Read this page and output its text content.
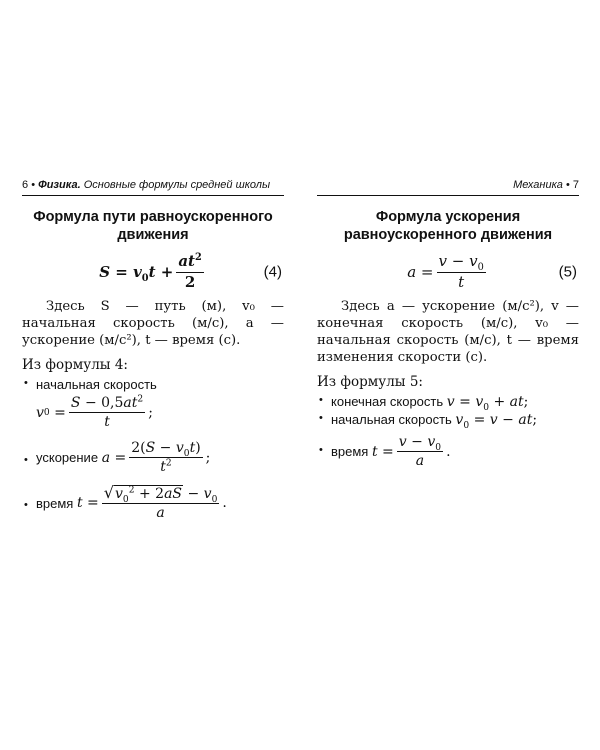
6 • Физика. Основные формулы средней школы
Формула пути равноускоренного
движения
$S = v_0t + \frac{at^2}{2}$	(4)

Здесь S — путь (м), v₀ — начальная скорость (м/с), a — ускорение (м/с²), t — время (с).

Из формулы 4:
• начальная скорость
v $0 = \frac{S - 0,5at^2}{t}$ ;
• ускорение
$a = \frac{2(S - v_0t)}{t^2}$ ;
• время
$t = \frac{√ v_0^2 + 2aS - v_0}{a}$ .
Механика • 7
Формула ускорения
равноускоренного движения
$a = \frac{v - v_0}{t}$	(5)

Здесь a — ускорение (м/с²), v — конечная скорость (м/с), v₀ — начальная скорость (м/с), t — время изменения скорости (с).

Из формулы 5:
• конечная скорость $v = v_0$ + at;
• начальная скорость $v_0 = v$ − at;
• время
$t = \frac{v - v_0}{a}$ .
